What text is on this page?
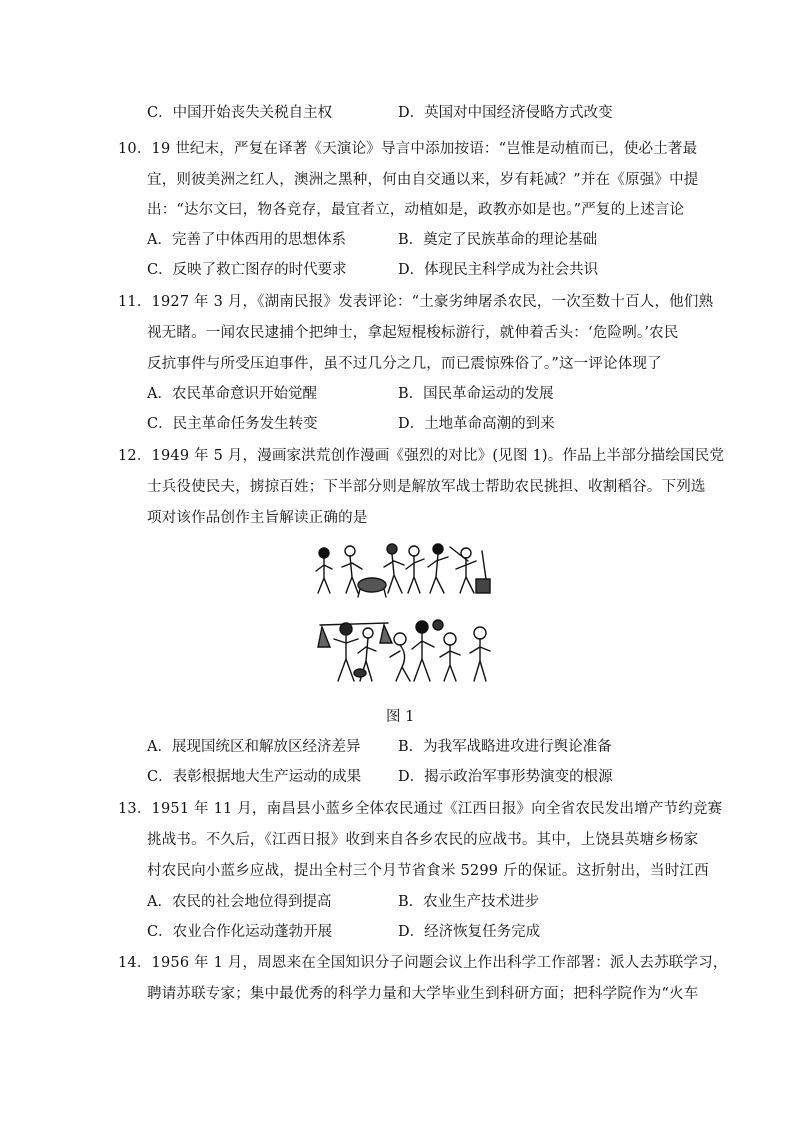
C．中国开始丧失关税自主权	D．英国对中国经济侵略方式改变
10．19 世纪末，严复在译著《天演论》导言中添加按语：“岂惟是动植而已，使必土著最
宜，则彼美洲之红人，澳洲之黑种，何由自交通以来，岁有耗减？”并在《原强》中提
出：“达尔文曰，物各竞存，最宜者立，动植如是，政教亦如是也。”严复的上述言论
A．完善了中体西用的思想体系	B．奠定了民族革命的理论基础
C．反映了救亡图存的时代要求	D．体现民主科学成为社会共识
11．1927 年 3 月，《湖南民报》发表评论：“土豪劣绅屠杀农民，一次至数十百人，他们熟
视无睹。一闻农民逮捕个把绅士，拿起短棍梭标游行，就伸着舌头：‘危险咧。’农民
反抗事件与所受压迫事件，虽不过几分之几，而已震惊殊俗了。”这一评论体现了
A．农民革命意识开始觉醒	B．国民革命运动的发展
C．民主革命任务发生转变	D．土地革命高潮的到来
12．1949 年 5 月，漫画家洪荒创作漫画《强烈的对比》(见图 1)。作品上半部分描绘国民党
士兵役使民夫，掳掠百姓；下半部分则是解放军战士帮助农民挑担、收割稻谷。下列选
项对该作品创作主旨解读正确的是
图 1
A．展现国统区和解放区经济差异	B．为我军战略进攻进行舆论准备
C．表彰根据地大生产运动的成果	D．揭示政治军事形势演变的根源
13．1951 年 11 月，南昌县小蓝乡全体农民通过《江西日报》向全省农民发出增产节约竞赛
挑战书。不久后，《江西日报》收到来自各乡农民的应战书。其中，上饶县英塘乡杨家
村农民向小蓝乡应战，提出全村三个月节省食米 5299 斤的保证。这折射出，当时江西
A．农民的社会地位得到提高	B．农业生产技术进步
C．农业合作化运动蓬勃开展	D．经济恢复任务完成
14．1956 年 1 月，周恩来在全国知识分子问题会议上作出科学工作部署：派人去苏联学习，
聘请苏联专家；集中最优秀的科学力量和大学毕业生到科研方面；把科学院作为“火车
